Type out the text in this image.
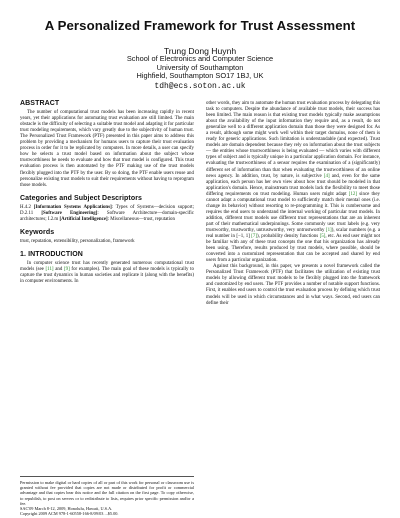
A Personalized Framework for Trust Assessment
Trung Dong Huynh
School of Electronics and Computer Science
University of Southampton
Highfield, Southampton SO17 1BJ, UK
tdh@ecs.soton.ac.uk
ABSTRACT

The number of computational trust models has been increasing rapidly in recent years, yet their applications for automating trust evaluation are still limited. The main obstacle is the difficulty of selecting a suitable trust model and adapting it for particular trust modeling requirements, which vary greatly due to the subjectivity of human trust. The Personalized Trust Framework (PTF) presented in this paper aims to address this problem by providing a mechanism for humans users to capture their trust evaluation process in order for it to be replicated by computers. In more details, a user can specify how he selects a trust model based on information about the subject whose trustworthiness he needs to evaluate and how that trust model is configured. This trust evaluation process is then automated by the PTF making use of the trust models flexibly plugged into the PTF by the user. By so doing, the PTF enable users reuse and personalize existing trust models to suit their requirements without having to reprogram those models.

Categories and Subject Descriptors

H.4.2 [Information Systems Applications]: Types of Systems—decision support; D.2.11 [Software Engineering]: Software Architecture—domain-specific architectures; I.2.m [Artificial Intelligence]: Miscellaneous—trust, reputation

Keywords

trust, reputation, extensibility, personalization, framework

1. INTRODUCTION

In computer science trust has recently generated numerous computational trust models (see [ 11 ] and [ 9 ] for examples). The main goal of these models is typically to capture the trust dynamics in human societies and replicate it (along with the benefits) in computer environments. In

other words, they aim to automate the human trust evaluation process by delegating this task to computers. Despite the abundance of available trust models, their success has been limited. The main reason is that existing trust models typically make assumptions about the availability of the input information they require and, as a result, do not generalize well to a different application domain than those they were designed for. As a result, although some might work well within their target domains, none of them is ready for generic applications. Such limitation is understandable (and expected). Trust models are domain dependent because they rely on information about the trust subjects — the entities whose trustworthiness is being evaluated — which varies with different types of subject and is typically unique in a particular application domain. For instance, evaluating the trustworthiness of a sensor requires the examination of a (significantly) different set of information than that when evaluating the trustworthiness of an online news agency. In addition, trust, by nature, is subjective [ 4 ] and, even for the same application, each person has her own view about how trust should be modeled in that application's domain. Hence, mainstream trust models lack the flexibility to meet those differing requirements on trust modeling. Human users might adapt [ 12 ] since they cannot adapt a computational trust model to sufficiently match their mental ones (i.e. change its behavior) without resorting to re-programming it. This is cumbersome and requires the end users to understand the internal working of particular trust models. In addition, different trust models use different trust representations that are an inherent part of their mathematical underpinnings. Some commonly use: trust labels (e.g. very trustworthy, trustworthy, untrustworthy, very untrustworthy [ 1 ] ), scalar numbers (e.g. a real number in [−1, 1] [ 7 ] ), probability density functions [ 5 ] , etc. As end user might not be familiar with any of these trust concepts the one that his organization has already been using. Therefore, results produced by trust models, where possible, should be converted into a customized representation that can be accepted and shared by end users from a particular organization.

Against this background, in this paper, we presents a novel framework called the Personalized Trust Framework (PTF) that facilitates the utilization of existing trust models by allowing different trust models to be flexibly plugged into the framework and customized by end users. The PTF provides a number of notable support functions. First, it enables end users to control the trust evaluation process by defining which trust models will be used in which circumstances and in what ways. Second, end users can define their

Permission to make digital or hard copies of all or part of this work for personal or classroom use is granted without fee provided that copies are not made or distributed for profit or commercial advantage and that copies bear this notice and the full citation on the first page. To copy otherwise, to republish, to post on servers or to redistribute to lists, requires prior specific permission and/or a fee.

SAC'09 March 8-12, 2009, Honolulu, Hawaii, U.S.A.

Copyright 2009 ACM 978-1-60558-166-8/09/03 ...$5.00.
